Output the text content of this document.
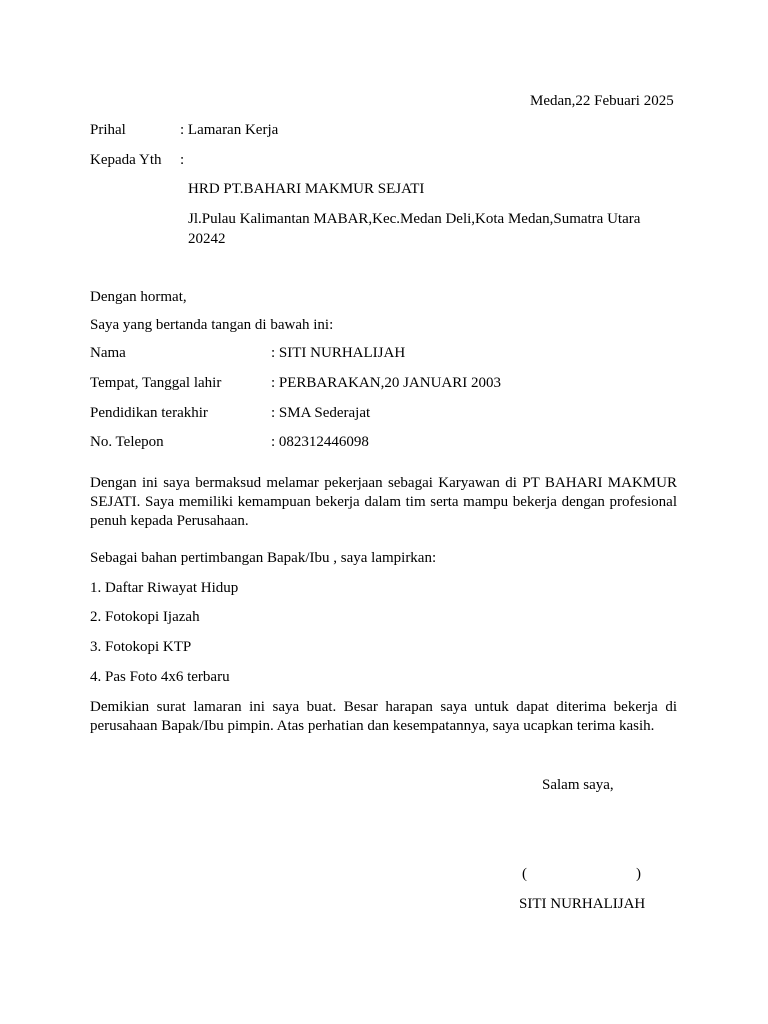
Medan,22 Febuari 2025
Prihal	: Lamaran Kerja
Kepada Yth :
HRD PT.BAHARI MAKMUR SEJATI
Jl.Pulau Kalimantan MABAR,Kec.Medan Deli,Kota Medan,Sumatra Utara
20242
Dengan hormat,
Saya yang bertanda tangan di bawah ini:
Nama	: SITI NURHALIJAH
Tempat, Tanggal lahir	: PERBARAKAN,20 JANUARI 2003
Pendidikan terakhir	: SMA Sederajat
No. Telepon	: 082312446098
Dengan ini saya bermaksud melamar pekerjaan sebagai Karyawan di PT BAHARI MAKMUR SEJATI. Saya memiliki kemampuan bekerja dalam tim serta mampu bekerja dengan profesional penuh kepada Perusahaan.
Sebagai bahan pertimbangan Bapak/Ibu , saya lampirkan:
1. Daftar Riwayat Hidup
2. Fotokopi Ijazah
3. Fotokopi KTP
4. Pas Foto 4x6 terbaru
Demikian surat lamaran ini saya buat. Besar harapan saya untuk dapat diterima bekerja di perusahaan Bapak/Ibu pimpin. Atas perhatian dan kesempatannya, saya ucapkan terima kasih.
Salam saya,
(	)
SITI NURHALIJAH
